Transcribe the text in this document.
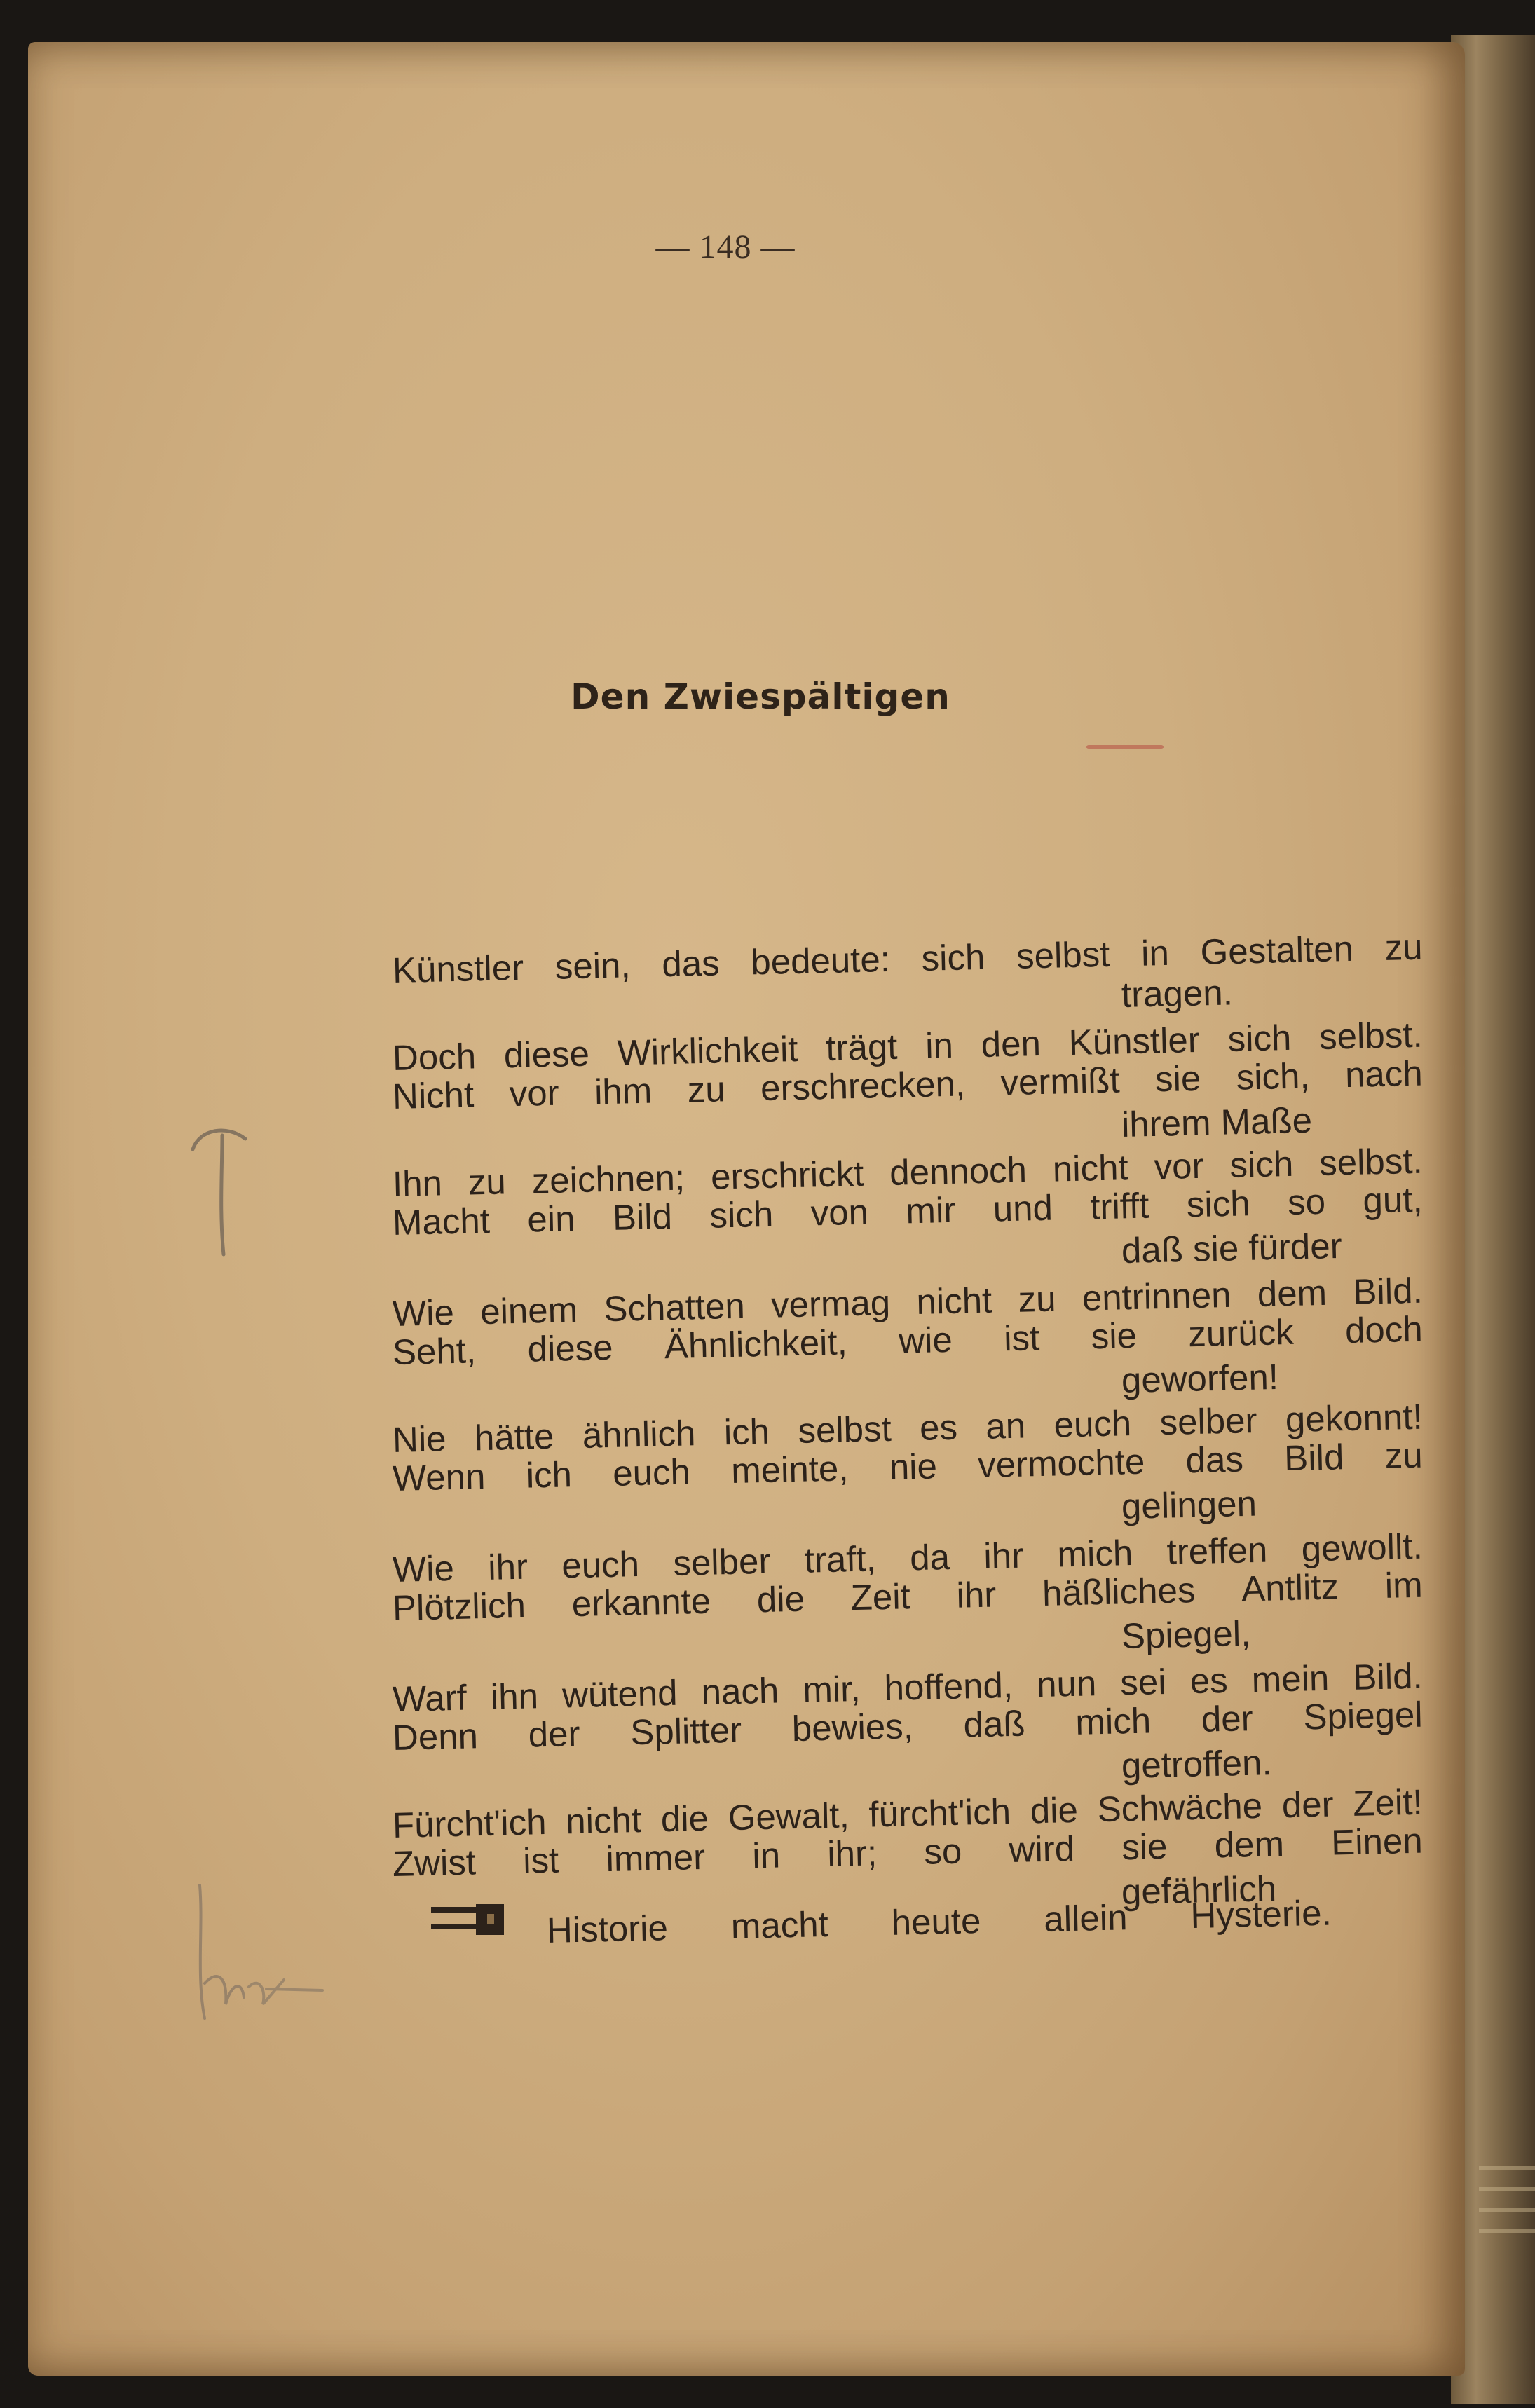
— 148 —
Den Zwiespältigen
Künstler sein, das bedeute: sich selbst in Gestalten zu
tragen.
Doch diese Wirklichkeit trägt in den Künstler sich selbst.
Nicht vor ihm zu erschrecken, vermißt sie sich, nach
ihrem Maße
Ihn zu zeichnen; erschrickt dennoch nicht vor sich selbst.
Macht ein Bild sich von mir und trifft sich so gut,
daß sie fürder
Wie einem Schatten vermag nicht zu entrinnen dem Bild.
Seht, diese Ähnlichkeit, wie ist sie zurück doch
geworfen!
Nie hätte ähnlich ich selbst es an euch selber gekonnt!
Wenn ich euch meinte, nie vermochte das Bild zu
gelingen
Wie ihr euch selber traft, da ihr mich treffen gewollt.
Plötzlich erkannte die Zeit ihr häßliches Antlitz im
Spiegel,
Warf ihn wütend nach mir, hoffend, nun sei es mein Bild.
Denn der Splitter bewies, daß mich der Spiegel
getroffen.
Fürcht'ich nicht die Gewalt, fürcht'ich die Schwäche der Zeit!
Zwist ist immer in ihr; so wird sie dem Einen
gefährlich
Historie macht heute allein Hysterie.
